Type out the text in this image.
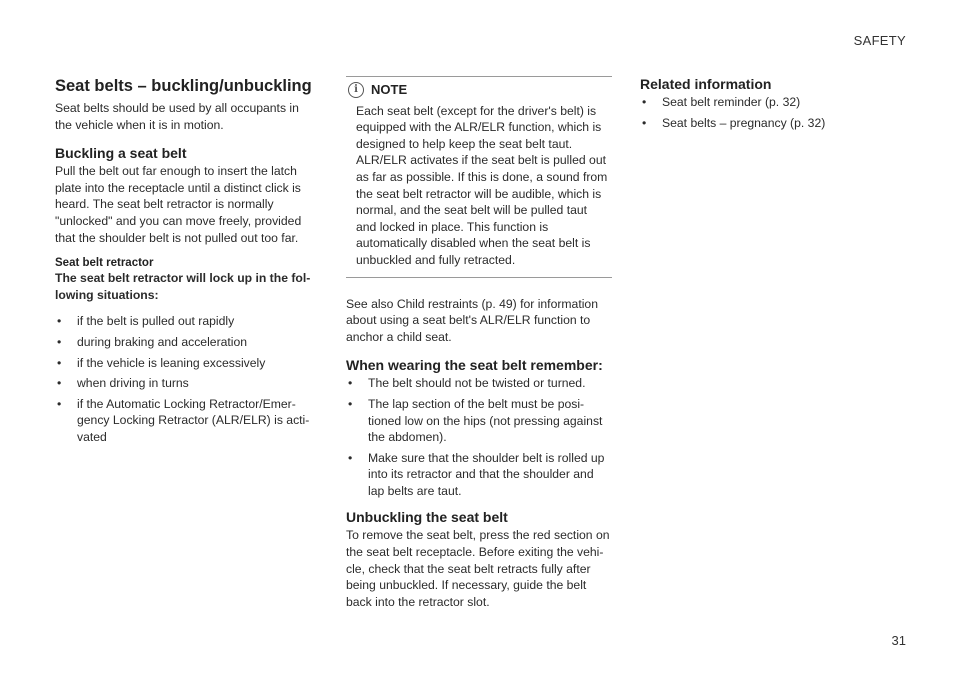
SAFETY
Seat belts – buckling/unbuckling

Seat belts should be used by all occupants in the vehicle when it is in motion.

Buckling a seat belt

Pull the belt out far enough to insert the latch plate into the receptacle until a distinct click is heard. The seat belt retractor is normally "unlocked" and you can move freely, provided that the shoulder belt is not pulled out too far.

Seat belt retractor

The seat belt retractor will lock up in the fol-lowing situations:

• if the belt is pulled out rapidly
• during braking and acceleration
• if the vehicle is leaning excessively
• when driving in turns
• if the Automatic Locking Retractor/Emer-gency Locking Retractor (ALR/ELR) is acti-vated
i	NOTE

Each seat belt (except for the driver's belt) is equipped with the ALR/ELR function, which is designed to help keep the seat belt taut. ALR/ELR activates if the seat belt is pulled out as far as possible. If this is done, a sound from the seat belt retractor will be audible, which is normal, and the seat belt will be pulled taut and locked in place. This function is automatically disabled when the seat belt is unbuckled and fully retracted.

See also Child restraints (p. 49) for information about using a seat belt's ALR/ELR function to anchor a child seat.

When wearing the seat belt remember:
• The belt should not be twisted or turned.
• The lap section of the belt must be posi-tioned low on the hips (not pressing against the abdomen).
• Make sure that the shoulder belt is rolled up into its retractor and that the shoulder and lap belts are taut.
Unbuckling the seat belt

To remove the seat belt, press the red section on the seat belt receptacle. Before exiting the vehi-cle, check that the seat belt retracts fully after being unbuckled. If necessary, guide the belt back into the retractor slot.

Related information
• Seat belt reminder (p. 32)
• Seat belts – pregnancy (p. 32)
31
